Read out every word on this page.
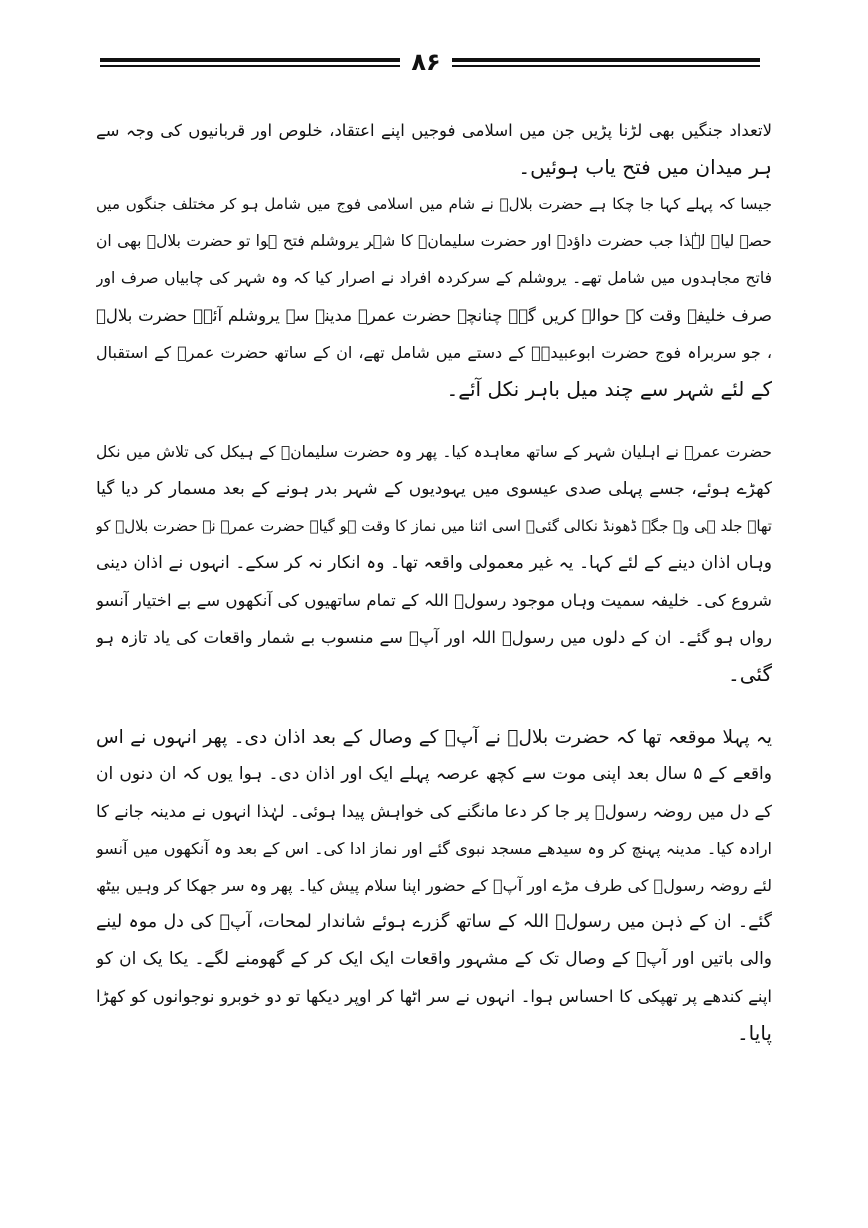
۸۶
لاتعداد جنگیں بھی لڑنا پڑیں جن میں اسلامی فوجیں اپنے اعتقاد، خلوص اور قربانیوں کی وجہ سے
ہر میدان میں فتح یاب ہوئیں۔
جیسا کہ پہلے کہا جا چکا ہے حضرت بلالؓ نے شام میں اسلامی فوج میں شامل ہو کر مختلف جنگوں میں
حصہ لیا۔ لہٰذا جب حضرت داؤدؑ اور حضرت سلیمانؑ کا شہر یروشلم فتح ہوا تو حضرت بلالؓ بھی ان
فاتح مجاہدوں میں شامل تھے۔ یروشلم کے سرکردہ افراد نے اصرار کیا کہ وہ شہر کی چابیاں صرف اور
صرف خلیفۂ وقت کے حوالے کریں گے۔ چنانچہ حضرت عمرؓ مدینہ سے یروشلم آئے۔ حضرت بلالؓ
، جو سربراہ فوج حضرت ابوعبیدہؓ کے دستے میں شامل تھے، ان کے ساتھ حضرت عمرؓ کے استقبال
کے لئے شہر سے چند میل باہر نکل آئے۔
حضرت عمرؓ نے اہلیان شہر کے ساتھ معاہدہ کیا۔ پھر وہ حضرت سلیمانؑ کے ہیکل کی تلاش میں نکل
کھڑے ہوئے، جسے پہلی صدی عیسوی میں یہودیوں کے شہر بدر ہونے کے بعد مسمار کر دیا گیا
تھا۔ جلد ہی وہ جگہ ڈھونڈ نکالی گئی۔ اسی اثنا میں نماز کا وقت ہو گیا۔ حضرت عمرؓ نے حضرت بلالؓ کو
وہاں اذان دینے کے لئے کہا۔ یہ غیر معمولی واقعہ تھا۔ وہ انکار نہ کر سکے۔ انہوں نے اذان دینی
شروع کی۔ خلیفہ سمیت وہاں موجود رسولؐ اللہ کے تمام ساتھیوں کی آنکھوں سے بے اختیار آنسو
رواں ہو گئے۔ ان کے دلوں میں رسولؐ اللہ اور آپؐ سے منسوب بے شمار واقعات کی یاد تازہ ہو
گئی۔
یہ پہلا موقعہ تھا کہ حضرت بلالؓ نے آپؐ کے وصال کے بعد اذان دی۔ پھر انہوں نے اس
واقعے کے ۵ سال بعد اپنی موت سے کچھ عرصہ پہلے ایک اور اذان دی۔ ہوا یوں کہ ان دنوں ان
کے دل میں روضہ رسولؐ پر جا کر دعا مانگنے کی خواہش پیدا ہوئی۔ لہٰذا انہوں نے مدینہ جانے کا
ارادہ کیا۔ مدینہ پہنچ کر وہ سیدھے مسجد نبوی گئے اور نماز ادا کی۔ اس کے بعد وہ آنکھوں میں آنسو
لئے روضہ رسولؐ کی طرف مڑے اور آپؐ کے حضور اپنا سلام پیش کیا۔ پھر وہ سر جھکا کر وہیں بیٹھ
گئے۔ ان کے ذہن میں رسولؐ اللہ کے ساتھ گزرے ہوئے شاندار لمحات، آپؐ کی دل موہ لینے
والی باتیں اور آپؐ کے وصال تک کے مشہور واقعات ایک ایک کر کے گھومنے لگے۔ یکا یک ان کو
اپنے کندھے پر تھپکی کا احساس ہوا۔ انہوں نے سر اٹھا کر اوپر دیکھا تو دو خوبرو نوجوانوں کو کھڑا
پایا۔
